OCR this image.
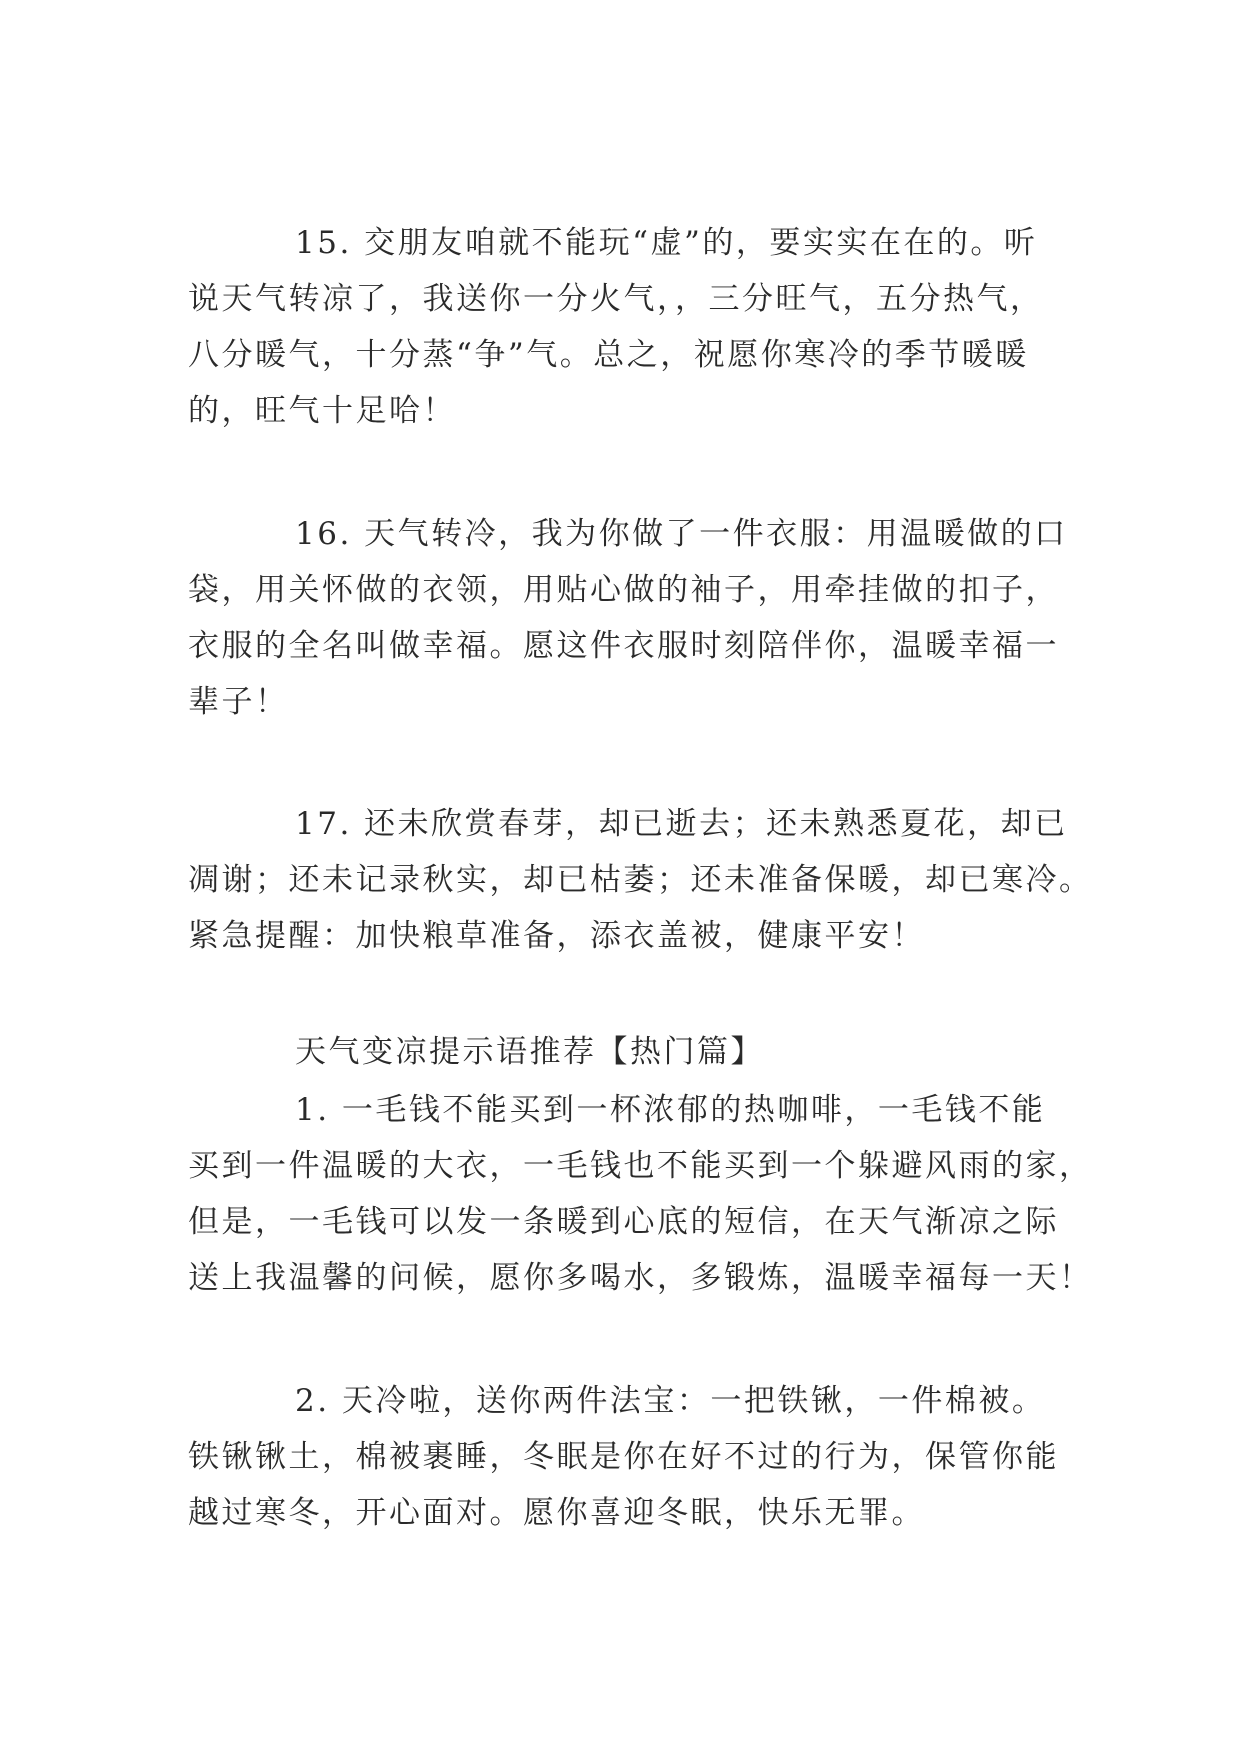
15. 交朋友咱就不能玩“虚”的，要实实在在的。听

说天气转凉了，我送你一分火气，，三分旺气，五分热气，

八分暖气，十分蒸“争”气。总之，祝愿你寒冷的季节暖暖

的，旺气十足哈！

16. 天气转冷，我为你做了一件衣服：用温暖做的口

袋，用关怀做的衣领，用贴心做的袖子，用牵挂做的扣子，

衣服的全名叫做幸福。愿这件衣服时刻陪伴你，温暖幸福一

辈子！

17. 还未欣赏春芽，却已逝去；还未熟悉夏花，却已

凋谢；还未记录秋实，却已枯萎；还未准备保暖，却已寒冷。

紧急提醒：加快粮草准备，添衣盖被，健康平安！

天气变凉提示语推荐【热门篇】

1. 一毛钱不能买到一杯浓郁的热咖啡，一毛钱不能

买到一件温暖的大衣，一毛钱也不能买到一个躲避风雨的家，

但是，一毛钱可以发一条暖到心底的短信，在天气渐凉之际

送上我温馨的问候，愿你多喝水，多锻炼，温暖幸福每一天！

2. 天冷啦，送你两件法宝：一把铁锹，一件棉被。

铁锹锹土，棉被裹睡，冬眠是你在好不过的行为，保管你能

越过寒冬，开心面对。愿你喜迎冬眠，快乐无罪。
